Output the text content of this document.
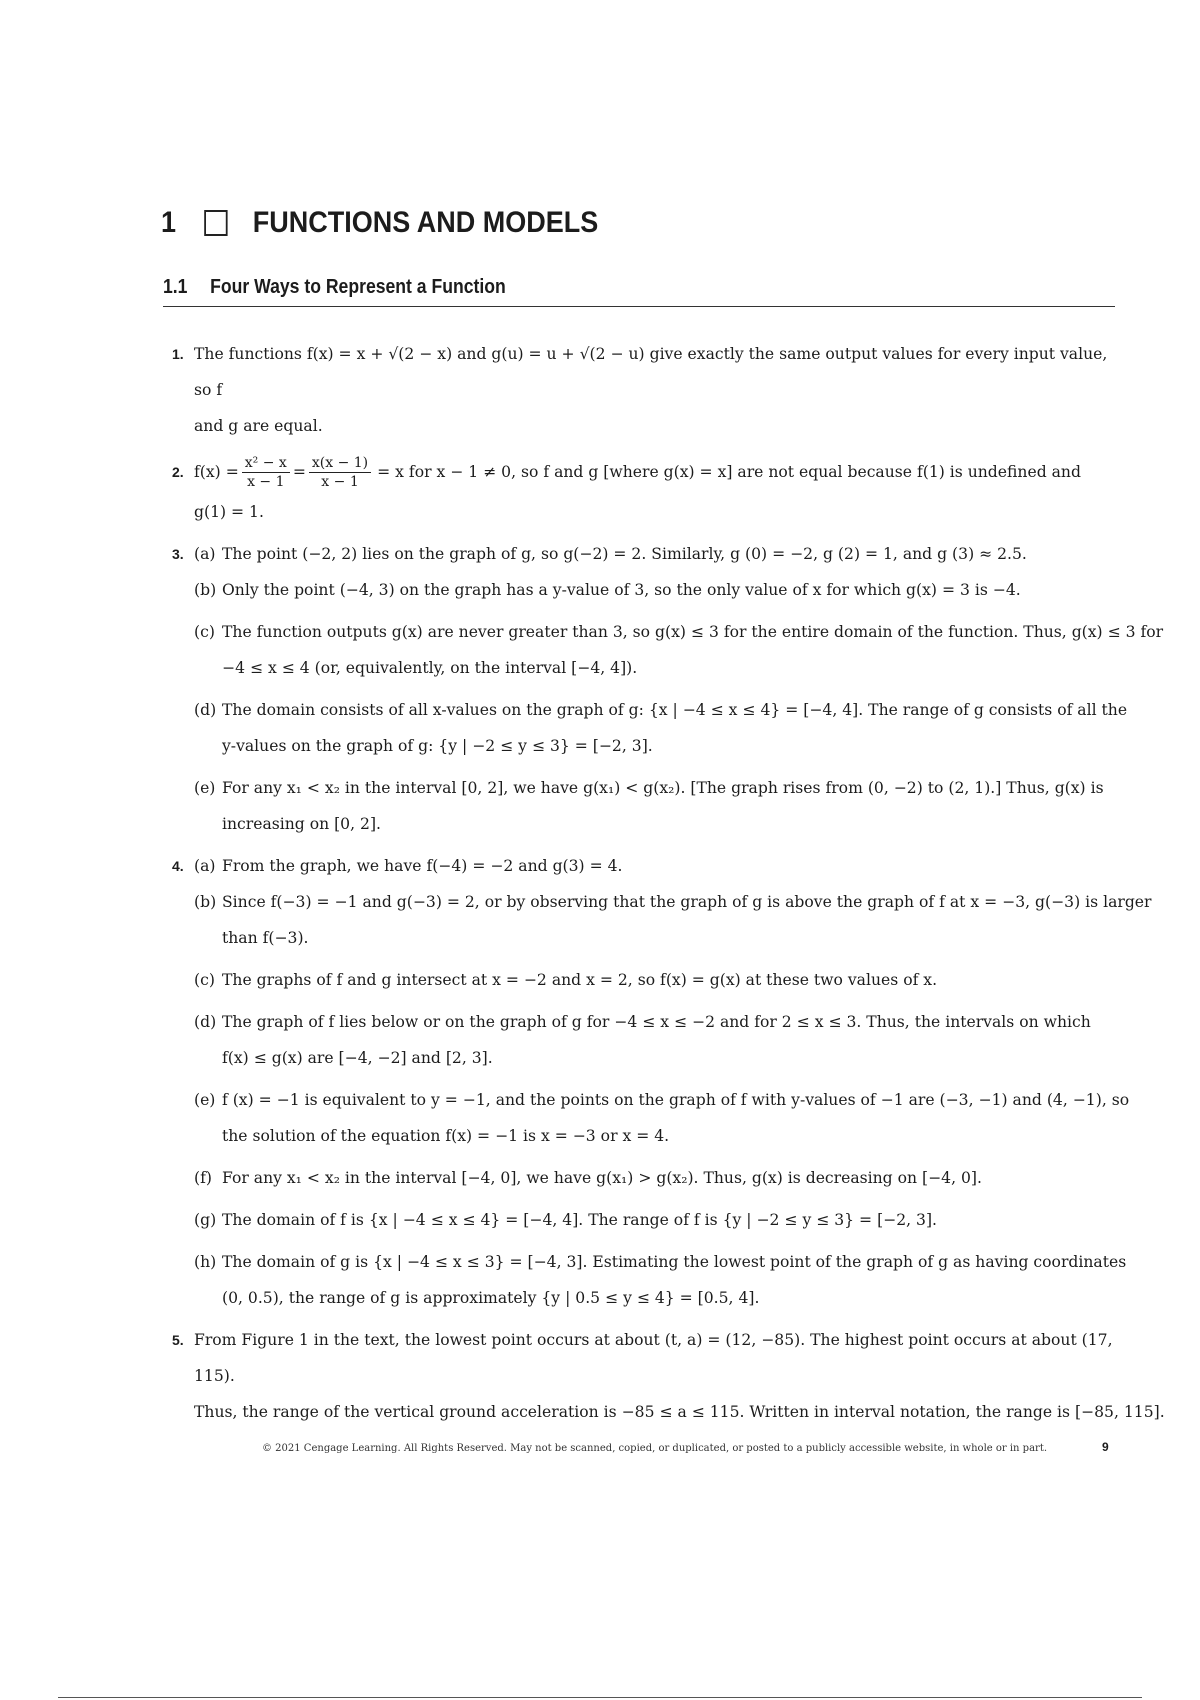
1	FUNCTIONS AND MODELS
1.1 Four Ways to Represent a Function
1. The functions f(x) = x + √(2 − x) and g(u) = u + √(2 − u) give exactly the same output values for every input value, so f
and g are equal.
2. $f(x) = \frac{\text{x² − x}}{x - 1} = \frac{x(x - 1)}{x - 1} = x$ for x − 1 ≠ 0, so f and g [where g(x) = x] are not equal because f(1) is undefined and
g(1) = 1.
3. (a) The point (−2, 2) lies on the graph of g, so g(−2) = 2. Similarly, g (0) = −2, g (2) = 1, and g (3) ≈ 2.5.
(b) Only the point (−4, 3) on the graph has a y-value of 3, so the only value of x for which g(x) = 3 is −4.
(c) The function outputs g(x) are never greater than 3, so g(x) ≤ 3 for the entire domain of the function. Thus, g(x) ≤ 3 for
−4 ≤ x ≤ 4 (or, equivalently, on the interval [−4, 4]).
(d) The domain consists of all x-values on the graph of g: {x | −4 ≤ x ≤ 4} = [−4, 4]. The range of g consists of all the
y-values on the graph of g: {y | −2 ≤ y ≤ 3} = [−2, 3].
(e) For any x₁ < x₂ in the interval [0, 2], we have g(x₁) < g(x₂). [The graph rises from (0, −2) to (2, 1).] Thus, g(x) is
increasing on [0, 2].
4. (a) From the graph, we have f(−4) = −2 and g(3) = 4.
(b) Since f(−3) = −1 and g(−3) = 2, or by observing that the graph of g is above the graph of f at x = −3, g(−3) is larger
than f(−3).
(c) The graphs of f and g intersect at x = −2 and x = 2, so f(x) = g(x) at these two values of x.
(d) The graph of f lies below or on the graph of g for −4 ≤ x ≤ −2 and for 2 ≤ x ≤ 3. Thus, the intervals on which
f(x) ≤ g(x) are [−4, −2] and [2, 3].
(e) f (x) = −1 is equivalent to y = −1, and the points on the graph of f with y-values of −1 are (−3, −1) and (4, −1), so
the solution of the equation f(x) = −1 is x = −3 or x = 4.
(f) For any x₁ < x₂ in the interval [−4, 0], we have g(x₁) > g(x₂). Thus, g(x) is decreasing on [−4, 0].
(g) The domain of f is {x | −4 ≤ x ≤ 4} = [−4, 4]. The range of f is {y | −2 ≤ y ≤ 3} = [−2, 3].
(h) The domain of g is {x | −4 ≤ x ≤ 3} = [−4, 3]. Estimating the lowest point of the graph of g as having coordinates
(0, 0.5), the range of g is approximately {y | 0.5 ≤ y ≤ 4} = [0.5, 4].
5. From Figure 1 in the text, the lowest point occurs at about (t, a) = (12, −85). The highest point occurs at about (17, 115).
Thus, the range of the vertical ground acceleration is −85 ≤ a ≤ 115. Written in interval notation, the range is [−85, 115].
© 2021 Cengage Learning. All Rights Reserved. May not be scanned, copied, or duplicated, or posted to a publicly accessible website, in whole or in part.	9
